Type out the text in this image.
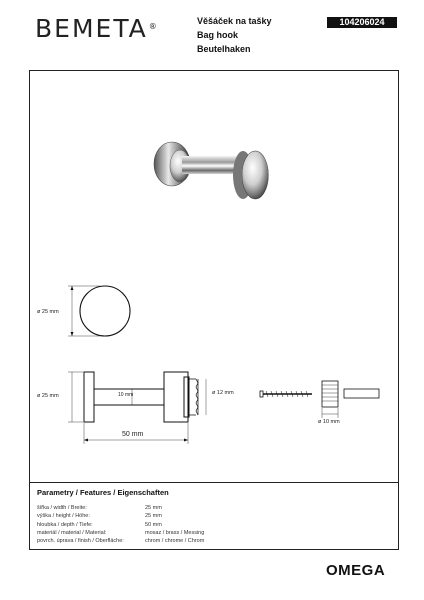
BEMETA®
Věšáček na tašky
Bag hook
Beutelhaken
104206024
ø 25 mm
ø 25 mm	10 mm	ø 12 mm
50 mm
ø 10 mm
Parametry / Features / Eigenschaften
šířka / width / Breite:	25 mm
výška / height / Höhe:	25 mm
hloubka / depth / Tiefe:	50 mm
materiál / material / Material:	mosaz / brass / Messing
povrch. úprava / finish / Oberfläche:	chrom / chrome / Chrom
OMEGA
